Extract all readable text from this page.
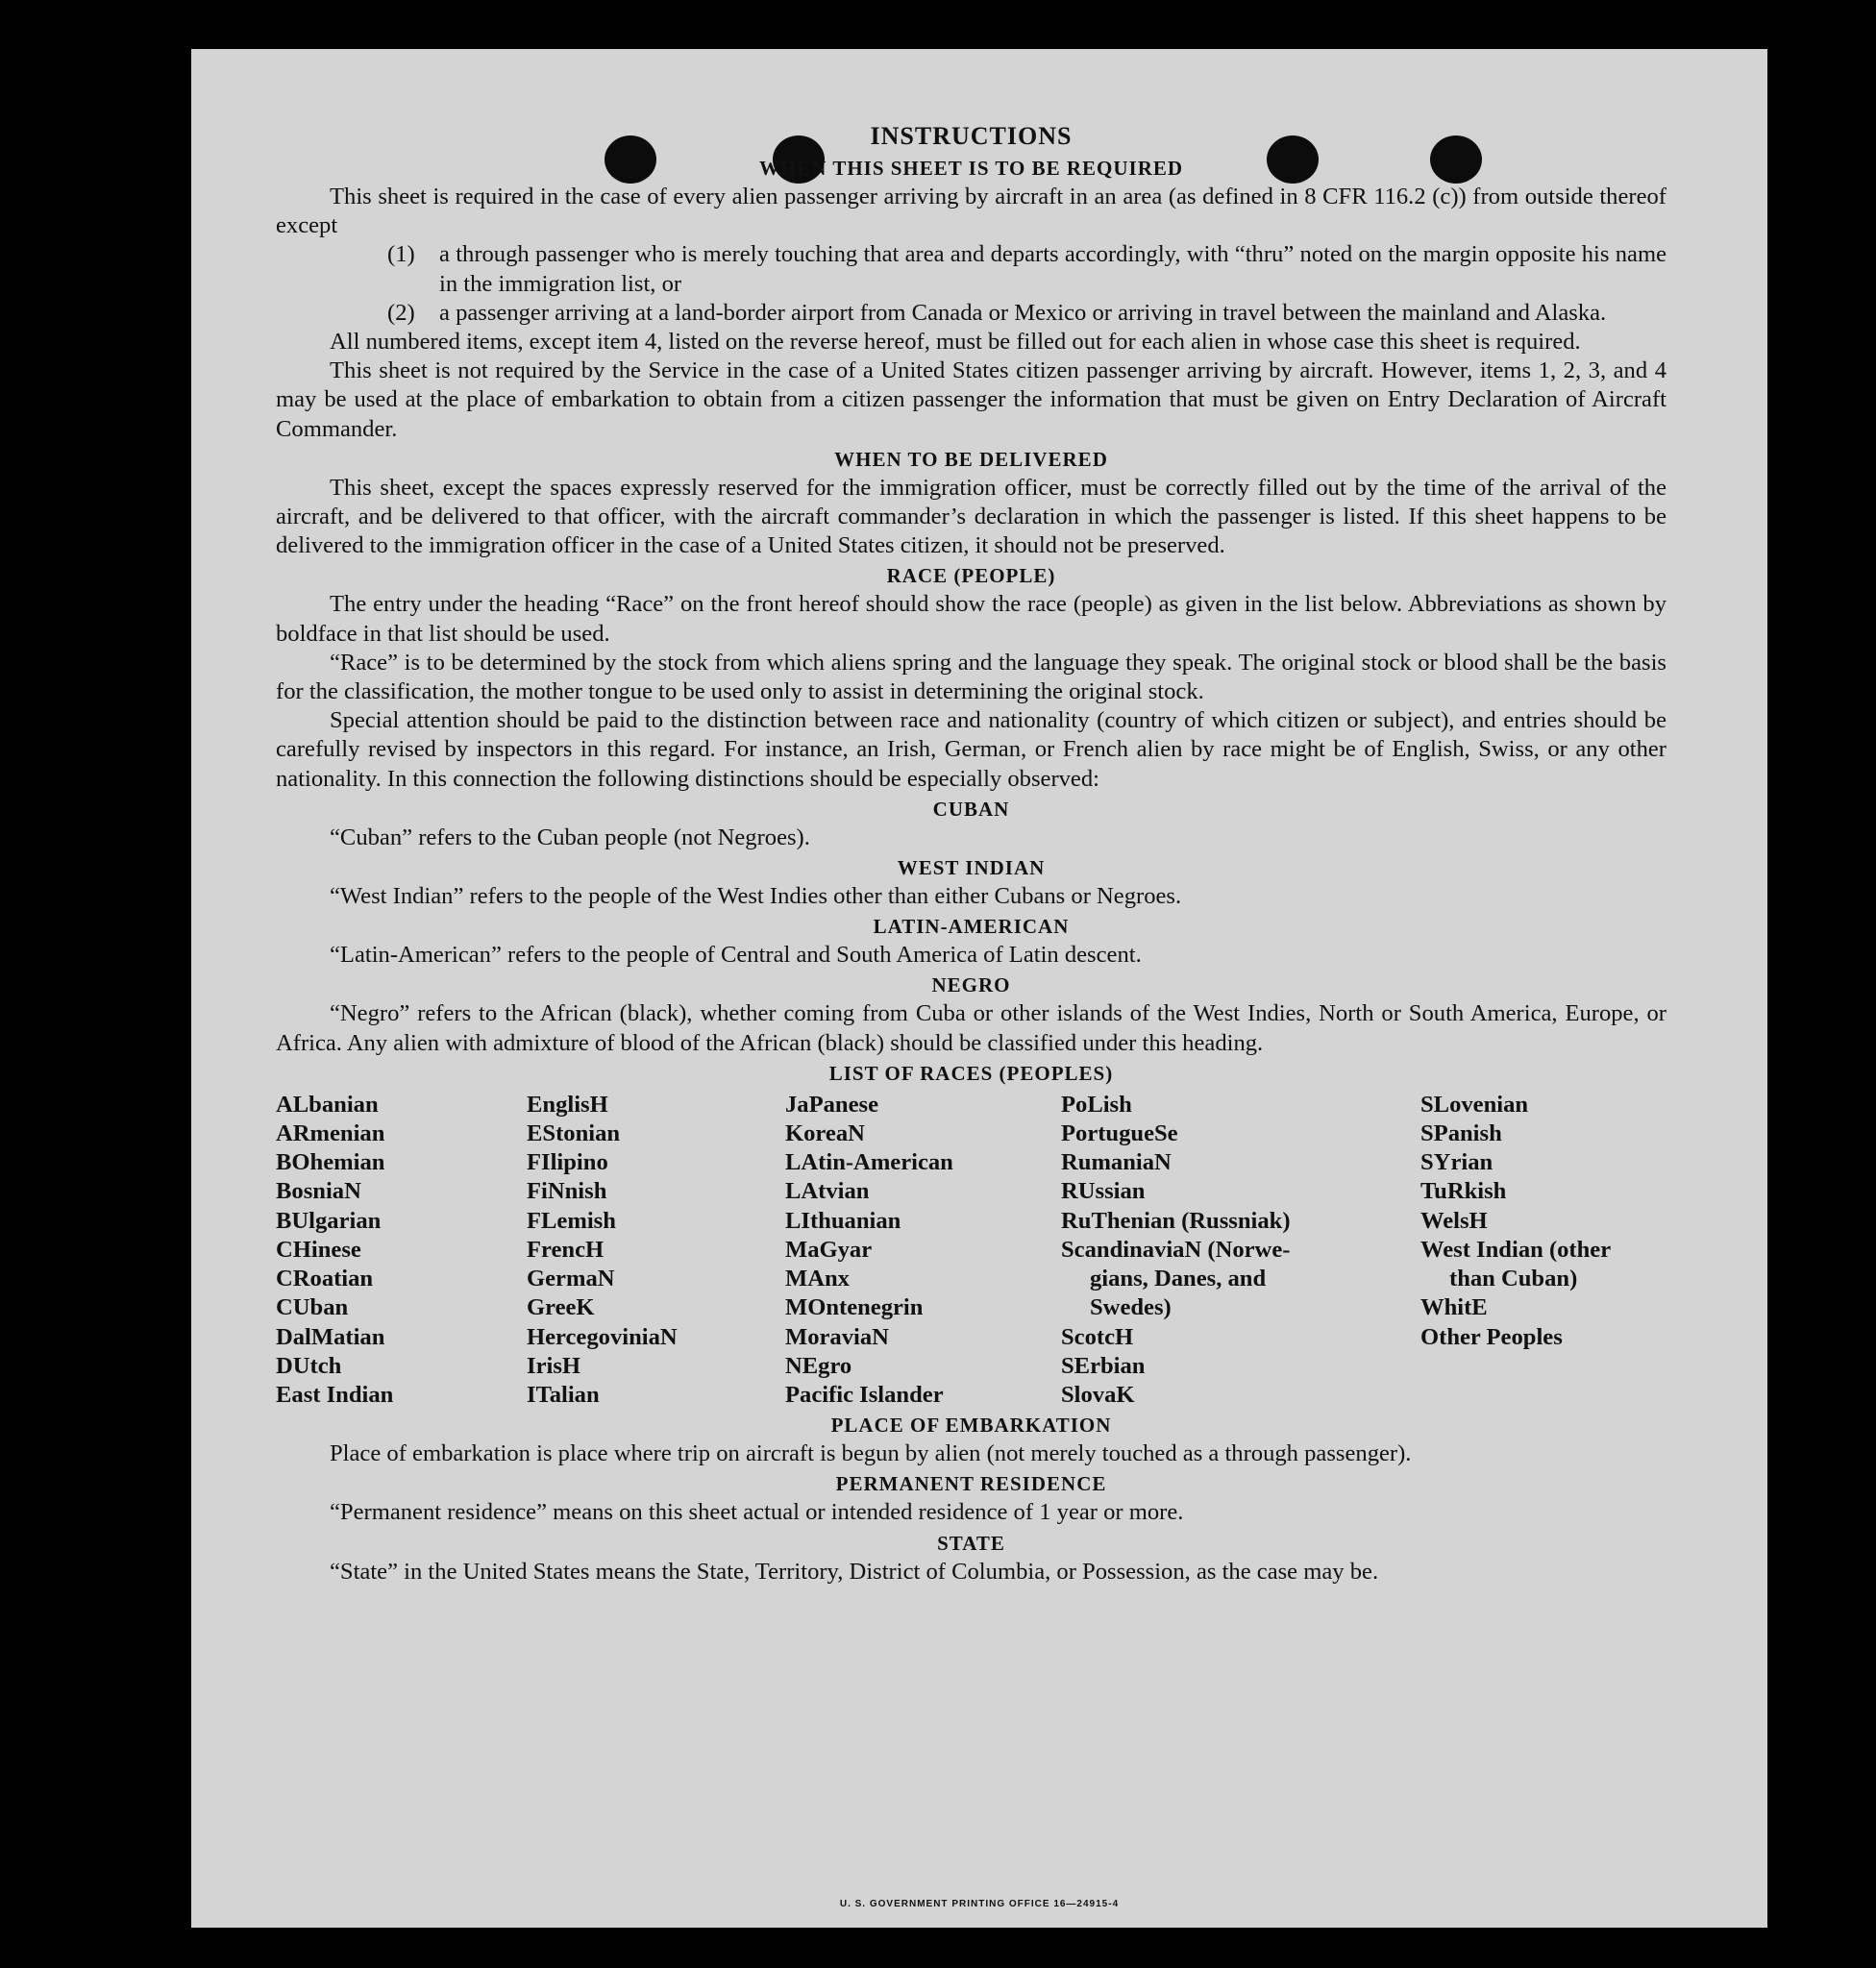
U. S. GOVERNMENT PRINTING OFFICE 16—24915-4
INSTRUCTIONS
WHEN THIS SHEET IS TO BE REQUIRED

This sheet is required in the case of every alien passenger arriving by aircraft in an area (as defined in 8 CFR 116.2 (c)) from outside thereof except

(1)	a through passenger who is merely touching that area and departs accordingly, with “thru” noted on the margin opposite his name in the immigration list, or
(2)	a passenger arriving at a land-border airport from Canada or Mexico or arriving in travel between the mainland and Alaska.

All numbered items, except item 4, listed on the reverse hereof, must be filled out for each alien in whose case this sheet is required.

This sheet is not required by the Service in the case of a United States citizen passenger arriving by aircraft. However, items 1, 2, 3, and 4 may be used at the place of embarkation to obtain from a citizen passenger the information that must be given on Entry Declaration of Aircraft Commander.

WHEN TO BE DELIVERED

This sheet, except the spaces expressly reserved for the immigration officer, must be correctly filled out by the time of the arrival of the aircraft, and be delivered to that officer, with the aircraft commander’s declaration in which the passenger is listed. If this sheet happens to be delivered to the immigration officer in the case of a United States citizen, it should not be preserved.

RACE (PEOPLE)

The entry under the heading “Race” on the front hereof should show the race (people) as given in the list below. Abbreviations as shown by boldface in that list should be used.

“Race” is to be determined by the stock from which aliens spring and the language they speak. The original stock or blood shall be the basis for the classification, the mother tongue to be used only to assist in determining the original stock.

Special attention should be paid to the distinction between race and nationality (country of which citizen or subject), and entries should be carefully revised by inspectors in this regard. For instance, an Irish, German, or French alien by race might be of English, Swiss, or any other nationality. In this connection the following distinctions should be especially observed:

CUBAN

“Cuban” refers to the Cuban people (not Negroes).

WEST INDIAN

“West Indian” refers to the people of the West Indies other than either Cubans or Negroes.

LATIN-AMERICAN

“Latin-American” refers to the people of Central and South America of Latin descent.

NEGRO

“Negro” refers to the African (black), whether coming from Cuba or other islands of the West Indies, North or South America, Europe, or Africa. Any alien with admixture of blood of the African (black) should be classified under this heading.

LIST OF RACES (PEOPLES)
ALbanian
ARmenian
BOhemian
BosniaN
BUlgarian
CHinese
CRoatian
CUban
DalMatian
DUtch
East Indian
EnglisH
EStonian
FIlipino
FiNnish
FLemish
FrencH
GermaN
GreeK
HercegoviniaN
IrisH
ITalian
JaPanese
KoreaN
LAtin-American
LAtvian
LIthuanian
MaGyar
MAnx
MOntenegrin
MoraviaN
NEgro
Pacific Islander
PoLish
PortugueSe
RumaniaN
RUssian
RuThenian (Russniak)
ScandinaviaN (Norwe-
gians, Danes, and
Swedes)
ScotcH
SErbian
SlovaK
SLovenian
SPanish
SYrian
TuRkish
WelsH
West Indian (other
than Cuban)
WhitE
Other Peoples
PLACE OF EMBARKATION

Place of embarkation is place where trip on aircraft is begun by alien (not merely touched as a through passenger).

PERMANENT RESIDENCE

“Permanent residence” means on this sheet actual or intended residence of 1 year or more.

STATE

“State” in the United States means the State, Territory, District of Columbia, or Possession, as the case may be.
